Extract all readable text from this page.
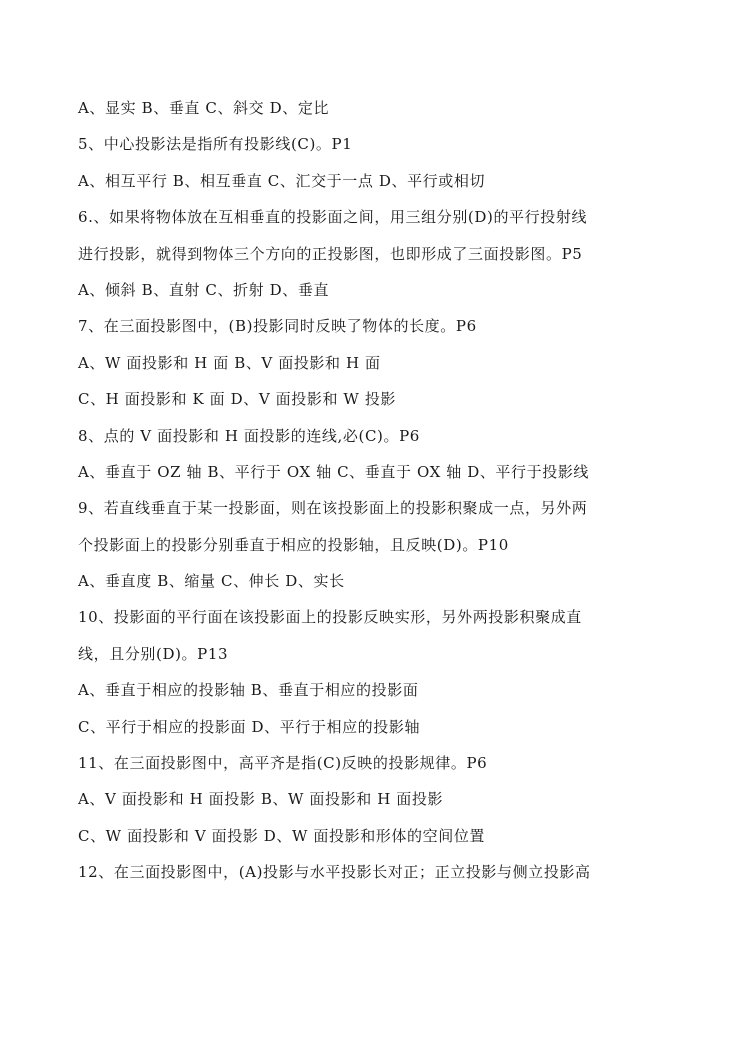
A、显实 B、垂直 C、斜交 D、定比
5、中心投影法是指所有投影线(C)。P1
A、相互平行 B、相互垂直 C、汇交于一点 D、平行或相切
6.、如果将物体放在互相垂直的投影面之间，用三组分别(D)的平行投射线
进行投影，就得到物体三个方向的正投影图，也即形成了三面投影图。P5
A、倾斜 B、直射 C、折射 D、垂直
7、在三面投影图中，(B)投影同时反映了物体的长度。P6
A、W 面投影和 H 面 B、V 面投影和 H 面
C、H 面投影和 K 面 D、V 面投影和 W 投影
8、点的 V 面投影和 H 面投影的连线,必(C)。P6
A、垂直于 OZ 轴 B、平行于 OX 轴 C、垂直于 OX 轴 D、平行于投影线
9、若直线垂直于某一投影面，则在该投影面上的投影积聚成一点，另外两
个投影面上的投影分别垂直于相应的投影轴，且反映(D)。P10
A、垂直度 B、缩量 C、伸长 D、实长
10、投影面的平行面在该投影面上的投影反映实形，另外两投影积聚成直
线，且分别(D)。P13
A、垂直于相应的投影轴 B、垂直于相应的投影面
C、平行于相应的投影面 D、平行于相应的投影轴
11、在三面投影图中，高平齐是指(C)反映的投影规律。P6
A、V 面投影和 H 面投影 B、W 面投影和 H 面投影
C、W 面投影和 V 面投影 D、W 面投影和形体的空间位置
12、在三面投影图中，(A)投影与水平投影长对正；正立投影与侧立投影高
